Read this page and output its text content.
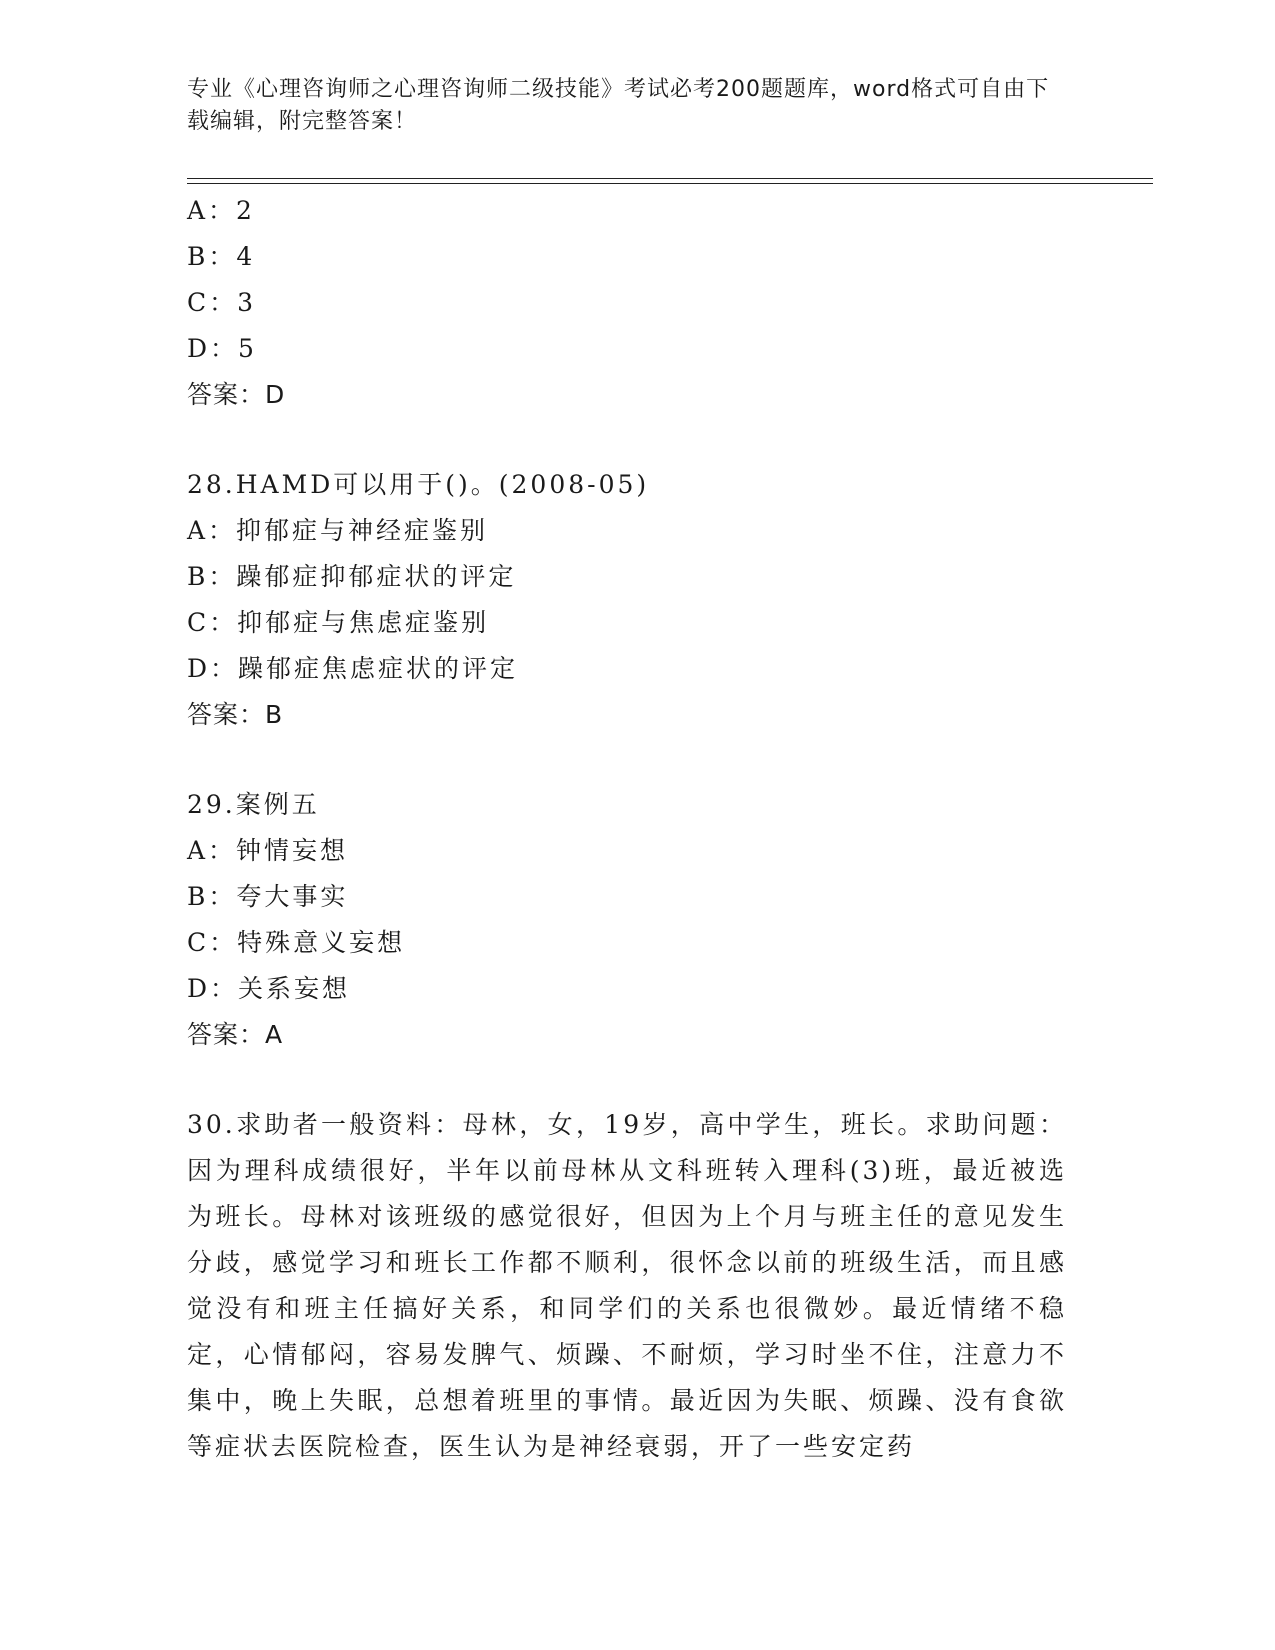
专业《心理咨询师之心理咨询师二级技能》考试必考200题题库，word格式可自由下载编辑，附完整答案！
A：2
B：4
C：3
D：5
答案：D
28.HAMD可以用于()。(2008-05)
A：抑郁症与神经症鉴别
B：躁郁症抑郁症状的评定
C：抑郁症与焦虑症鉴别
D：躁郁症焦虑症状的评定
答案：B
29.案例五
A：钟情妄想
B：夸大事实
C：特殊意义妄想
D：关系妄想
答案：A
30.求助者一般资料：母林，女，19岁，高中学生，班长。求助问题：因为理科成绩很好，半年以前母林从文科班转入理科(3)班，最近被选为班长。母林对该班级的感觉很好，但因为上个月与班主任的意见发生分歧，感觉学习和班长工作都不顺利，很怀念以前的班级生活，而且感觉没有和班主任搞好关系，和同学们的关系也很微妙。最近情绪不稳定，心情郁闷，容易发脾气、烦躁、不耐烦，学习时坐不住，注意力不集中，晚上失眠，总想着班里的事情。最近因为失眠、烦躁、没有食欲等症状去医院检查，医生认为是神经衰弱，开了一些安定药
